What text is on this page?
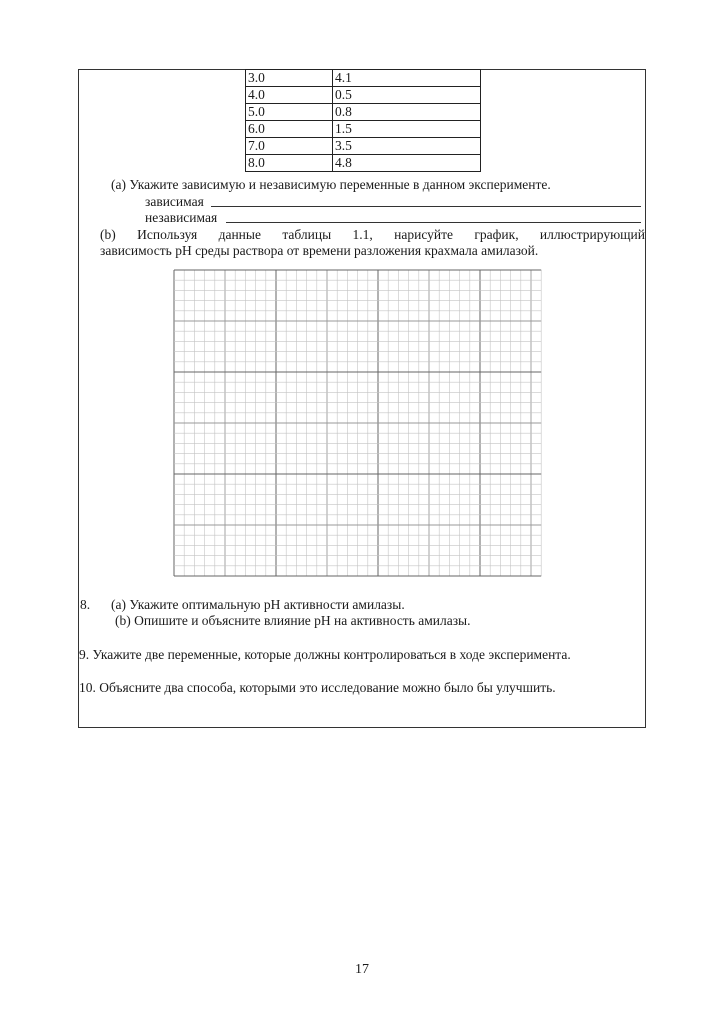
3.0	4.1
4.0	0.5
5.0	0.8
6.0	1.5
7.0	3.5
8.0	4.8
(a) Укажите зависимую и независимую переменные в данном эксперименте.
зависимая
независимая
(b) Используя данные таблицы 1.1, нарисуйте график, иллюстрирующий
зависимость рН среды раствора от времени разложения крахмала амилазой.
8. (a) Укажите оптимальную рН активности амилазы.
(b) Опишите и объясните влияние рН на активность амилазы.
9. Укажите две переменные, которые должны контролироваться в ходе эксперимента.
10. Объясните два способа, которыми это исследование можно было бы улучшить.
17
